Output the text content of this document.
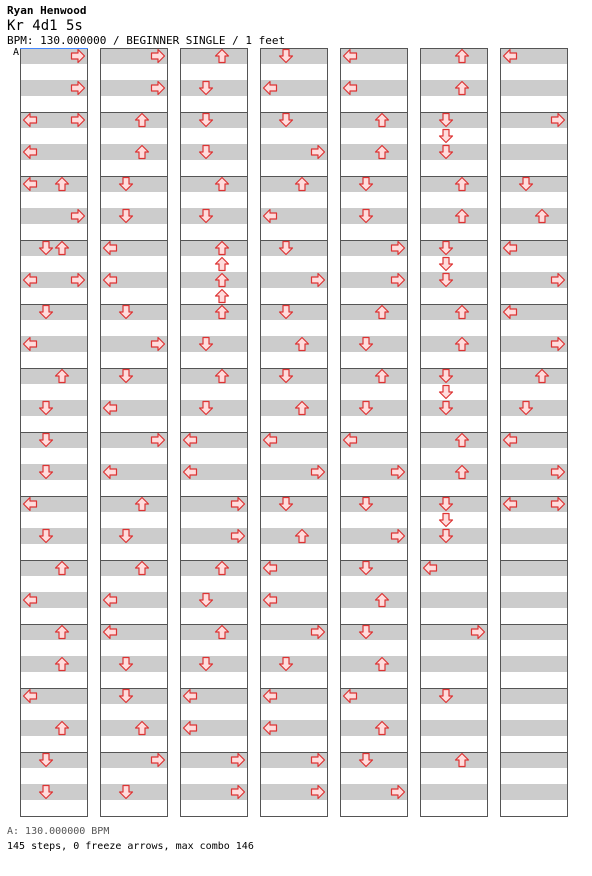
Ryan Henwood
Kr 4d1 5s
BPM: 130.000000 / BEGINNER SINGLE / 1 feet
A
A: 130.000000 BPM
145 steps, 0 freeze arrows, max combo 146
